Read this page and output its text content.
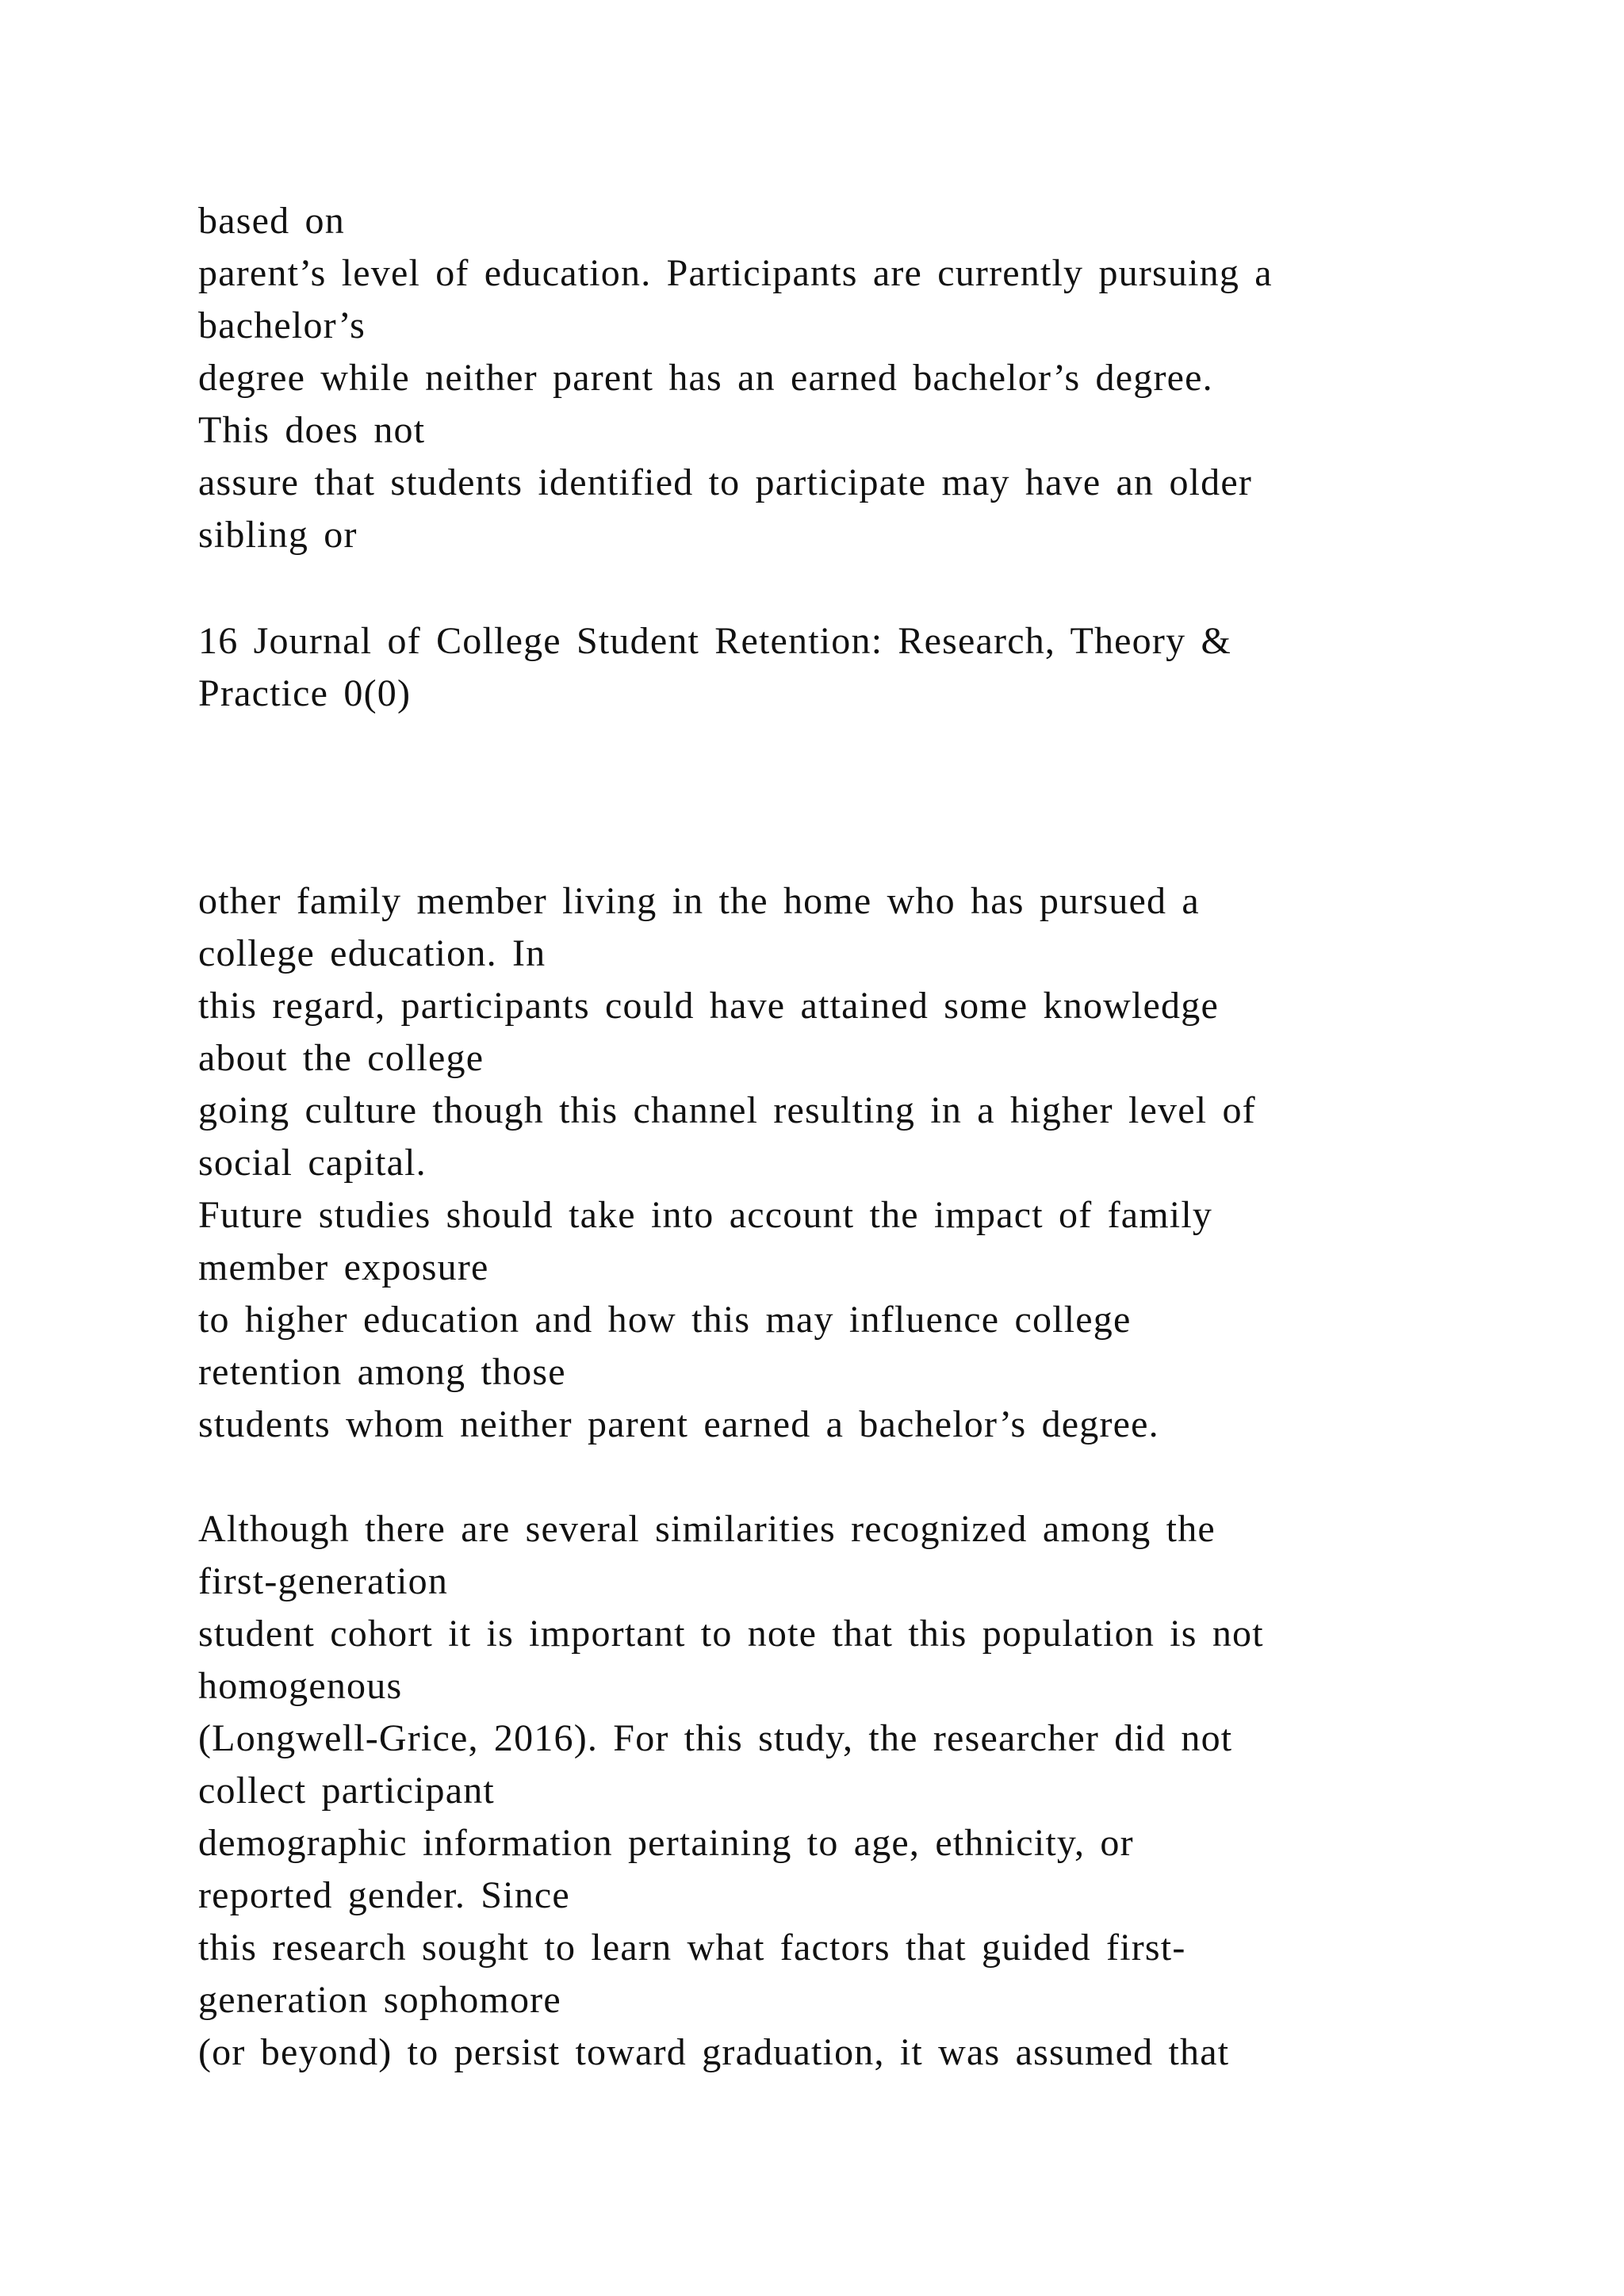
based on
parent’s level of education. Participants are currently pursuing a
bachelor’s
degree while neither parent has an earned bachelor’s degree.
This does not
assure that students identified to participate may have an older
sibling or
16 Journal of College Student Retention: Research, Theory &
Practice 0(0)
other family member living in the home who has pursued a
college education. In
this regard, participants could have attained some knowledge
about the college
going culture though this channel resulting in a higher level of
social capital.
Future studies should take into account the impact of family
member exposure
to higher education and how this may influence college
retention among those
students whom neither parent earned a bachelor’s degree.
Although there are several similarities recognized among the
first-generation
student cohort it is important to note that this population is not
homogenous
(Longwell-Grice, 2016). For this study, the researcher did not
collect participant
demographic information pertaining to age, ethnicity, or
reported gender. Since
this research sought to learn what factors that guided first-
generation sophomore
(or beyond) to persist toward graduation, it was assumed that
